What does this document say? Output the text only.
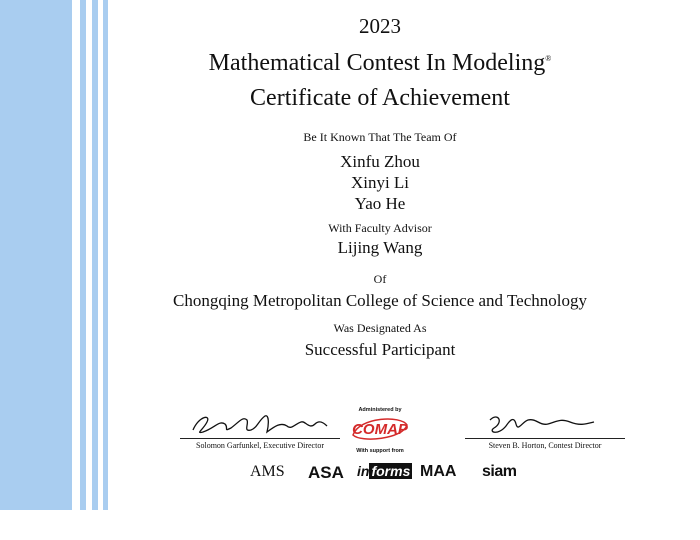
2023
Mathematical Contest In Modeling®
Certificate of Achievement
Be It Known That The Team Of
Xinfu Zhou
Xinyi Li
Yao He
With Faculty Advisor
Lijing Wang
Of
Chongqing Metropolitan College of Science and Technology
Was Designated As
Successful Participant
Solomon Garfunkel, Executive Director
Administered by
COMAP
With support from
Steven B. Horton, Contest Director
AMS ASA in forms MAA siam
